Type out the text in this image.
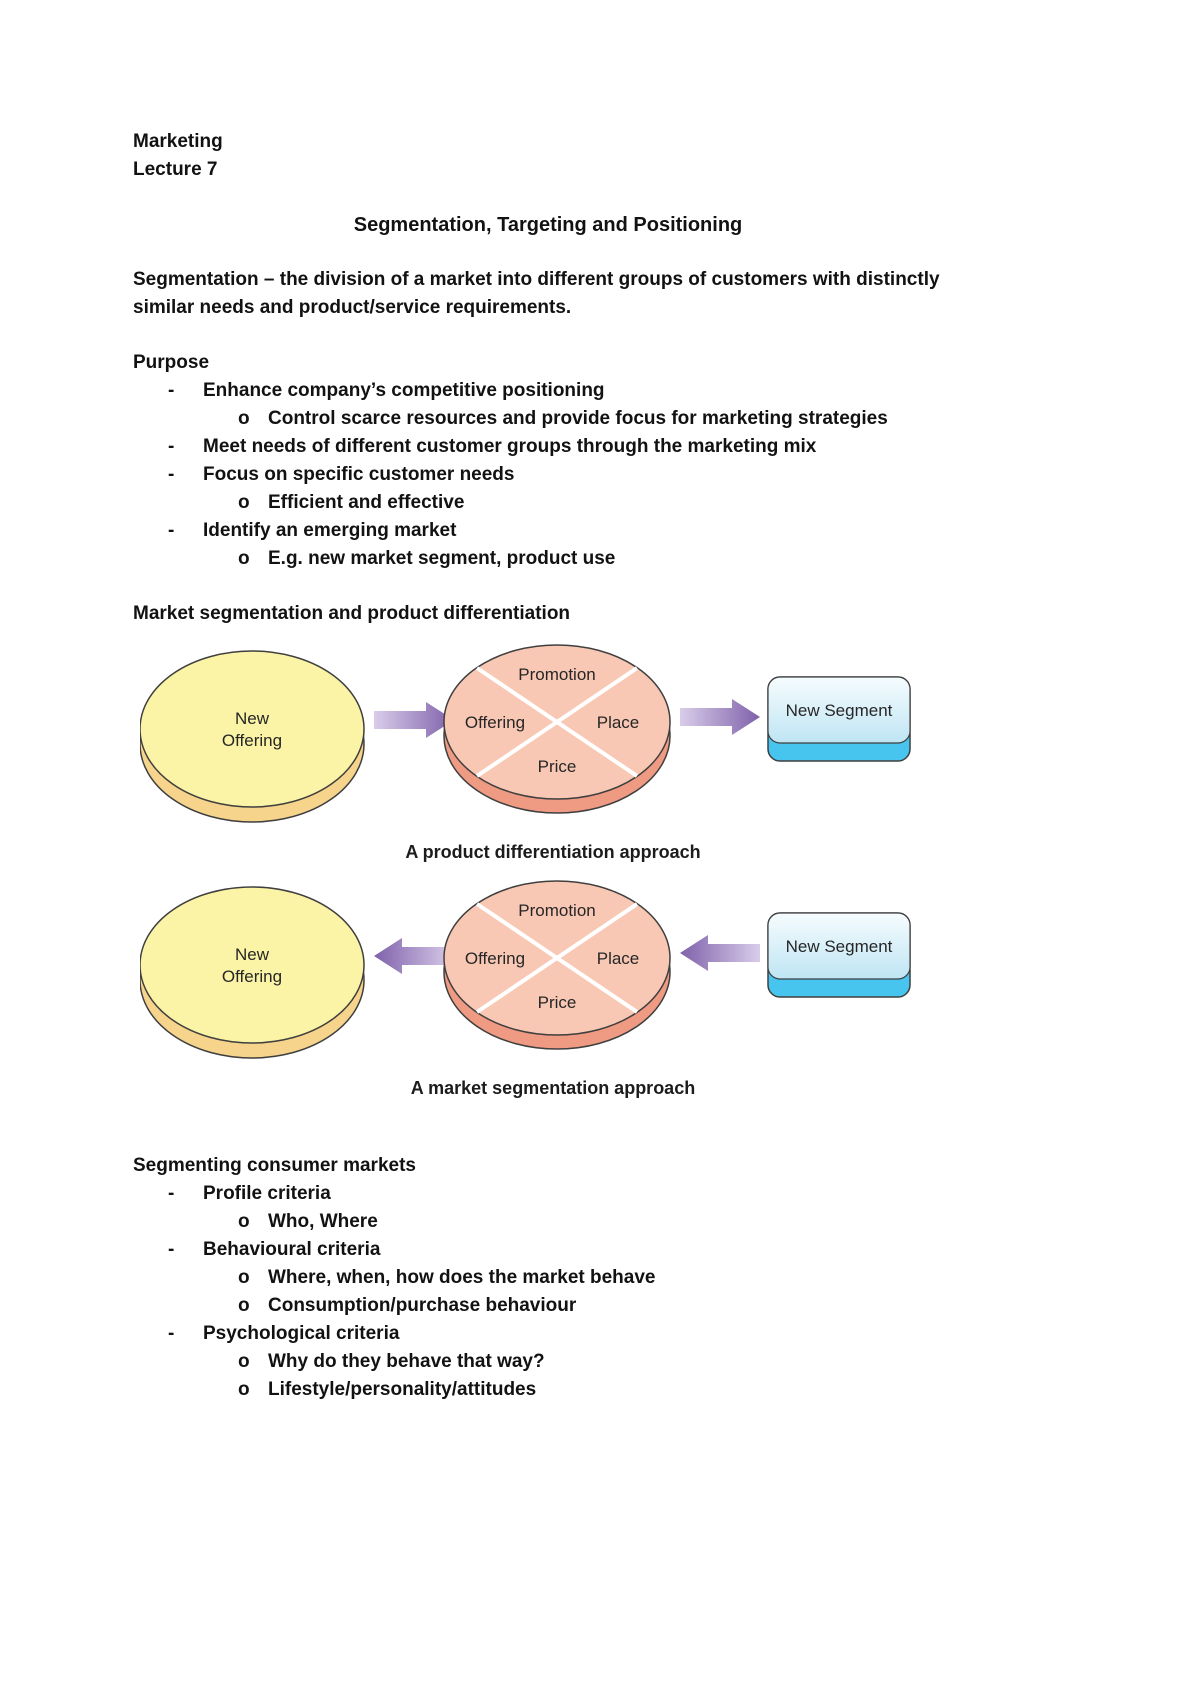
Marketing
Lecture 7
Segmentation, Targeting and Positioning
Segmentation – the division of a market into different groups of customers with distinctly similar needs and product/service requirements.
Purpose
-	Enhance company’s competitive positioning
o Control scarce resources and provide focus for marketing strategies
-	Meet needs of different customer groups through the marketing mix
-	Focus on specific customer needs
o Efficient and effective
-	Identify an emerging market
o E.g. new market segment, product use
Market segmentation and product differentiation
New
Offering
Promotion
Offering	Place
Price
New Segment
A product differentiation approach
New
Offering
Promotion
Offering	Place
Price
New Segment
A market segmentation approach
Segmenting consumer markets
-	Profile criteria
o Who, Where
-	Behavioural criteria
o Where, when, how does the market behave
o Consumption/purchase behaviour
-	Psychological criteria
o Why do they behave that way?
o Lifestyle/personality/attitudes
